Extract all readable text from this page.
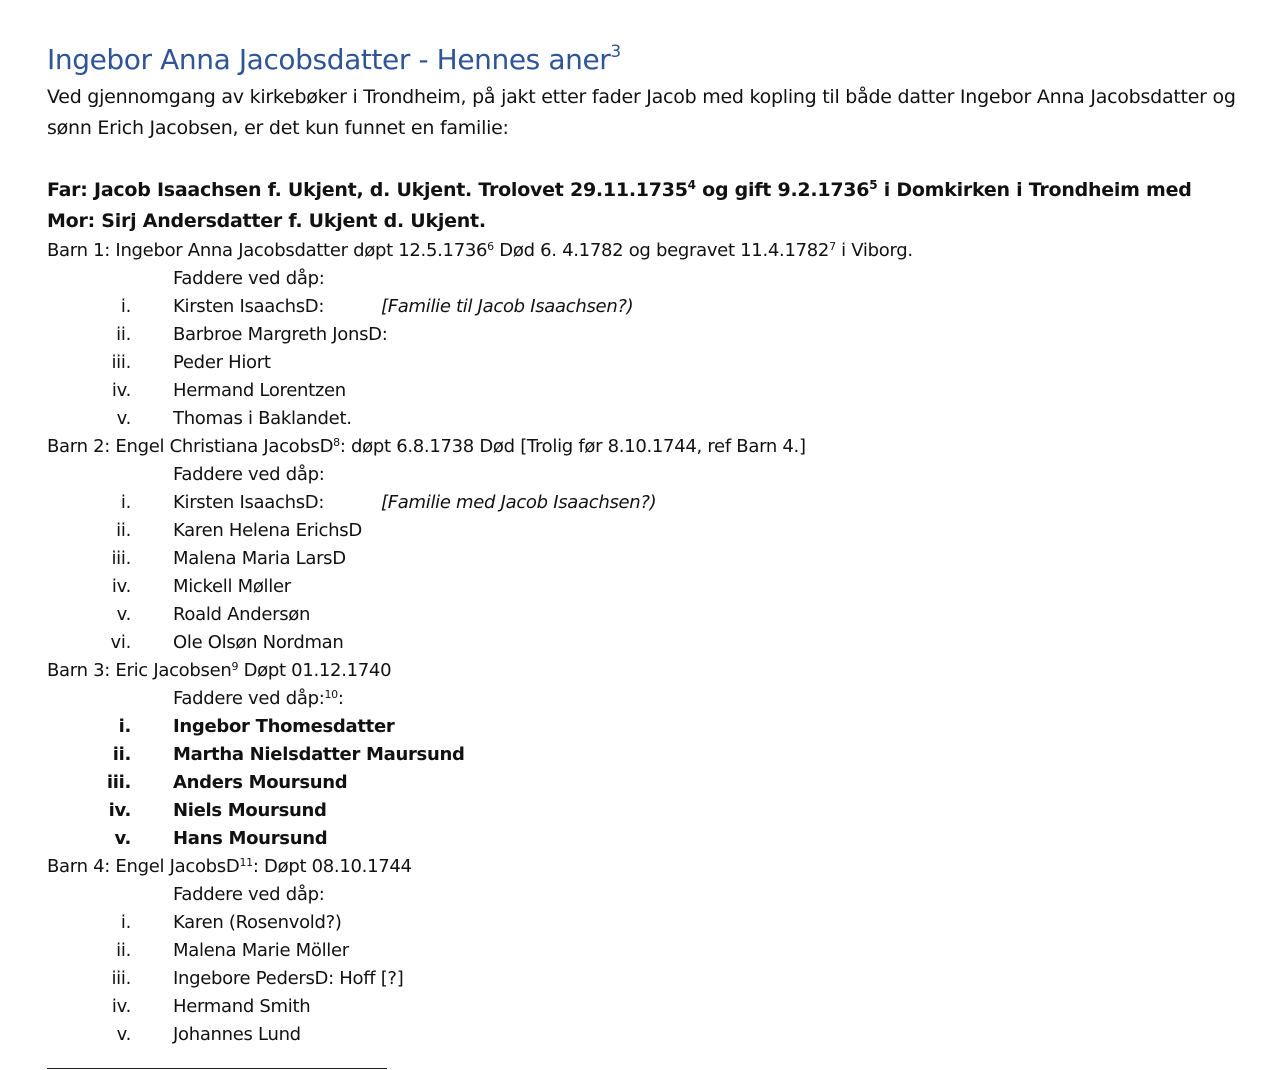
Ingebor Anna Jacobsdatter - Hennes aner$^3$

Ved gjennomgang av kirkebøker i Trondheim, på jakt etter fader Jacob med kopling til både datter Ingebor Anna Jacobsdatter og sønn Erich Jacobsen, er det kun funnet en familie:

Far: Jacob Isaachsen f. Ukjent, d. Ukjent. Trolovet 29.11.1735$^4$ og gift 9.2.1736$^5$ i Domkirken i Trondheim med

Mor: Sirj Andersdatter f. Ukjent d. Ukjent.

Barn 1: Ingebor Anna Jacobsdatter døpt 12.5.1736$^6$ Død 6. 4.1782 og begravet 11.4.1782$^7$ i Viborg.
Faddere ved dåp:
i.	Kirsten IsaachsD:	[Familie til Jacob Isaachsen?)
ii.	Barbroe Margreth JonsD:
iii.	Peder Hiort
iv.	Hermand Lorentzen
v.	Thomas i Baklandet.
Barn 2: Engel Christiana JacobsD$^8$: døpt 6.8.1738 Død [Trolig før 8.10.1744, ref Barn 4.]
Faddere ved dåp:
i.	Kirsten IsaachsD:	[Familie med Jacob Isaachsen?)
ii.	Karen Helena ErichsD
iii.	Malena Maria LarsD
iv.	Mickell Møller
v.	Roald Andersøn
vi.	Ole Olsøn Nordman
Barn 3: Eric Jacobsen$^9$ Døpt 01.12.1740
Faddere ved dåp:$^{10}$:
i.	Ingebor Thomesdatter
ii.	Martha Nielsdatter Maursund
iii.	Anders Moursund
iv.	Niels Moursund
v.	Hans Moursund
Barn 4: Engel JacobsD$^{11}$: Døpt 08.10.1744
Faddere ved dåp:
i.	Karen (Rosenvold?)
ii.	Malena Marie Möller
iii.	Ingebore PedersD: Hoff [?]
iv.	Hermand Smith
v.	Johannes Lund
